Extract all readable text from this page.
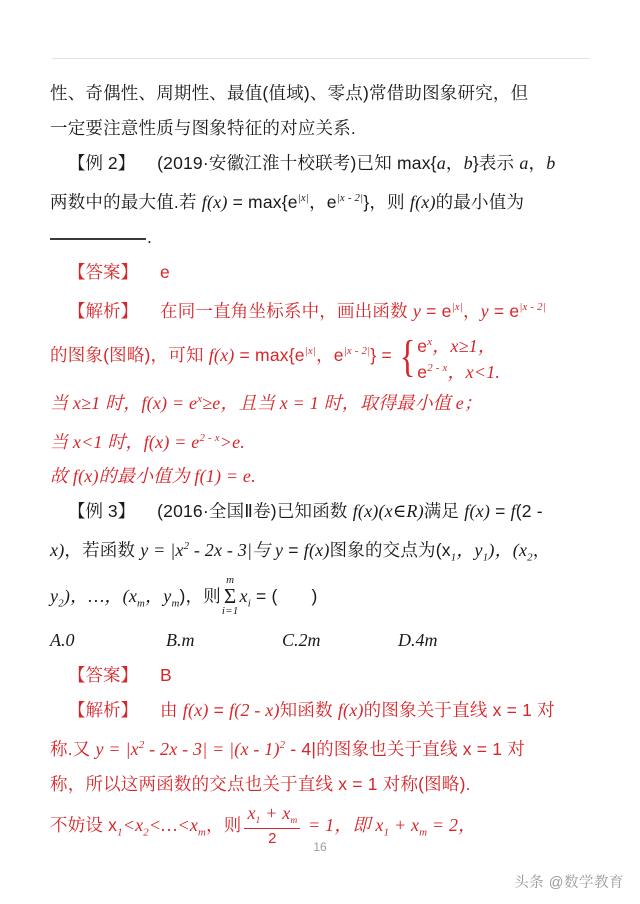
性、奇偶性、周期性、最值(值域)、零点)常借助图象研究，但
一定要注意性质与图象特征的对应关系.
【例 2】 (2019·安徽江淮十校联考)已知 max{a，b}表示 a，b
两数中的最大值.若 $f(x) = \max\{e^{|x|}$，$e^{|x - 2|}$}，则 f(x)的最小值为
.
【答案】 e
【解析】 在同一直角坐标系中，画出函数 $y = e^{|x|}$，$y = e^{|x - 2|}$
的图象(图略)，可知 $f(x) = \max\{e^{|x|}$，$e^{|x - 2|}$} = { $e^x$，x≥1，
$e^{2 - x}$，x<1.
当 x≥1 时，$f(x) = e^x\ge e$，且当 x = 1 时，取得最小值 e；
当 x<1 时，$f(x) = e^{2 - x}>e$.
故 f(x)的最小值为 f(1) = e.
【例 3】 (2016·全国Ⅱ卷)已知函数 f(x)(x∈R)满足 f(x) = f(2 -
x)，若函数 $y = |x^2 - 2x - 3|$与 y = f(x)图象的交点为($x_1$，$y_1$)，($x_2$，
$y_2$)，…，($x_m$，$y_m$)，则
m
Σ
i=1
$x_i$ = ( )
A.0	B.m	C.2m	D.4m
【答案】 B
【解析】 由 f(x) = f(2 - x)知函数 f(x)的图象关于直线 x = 1 对
称.又 $y = |x^2 - 2x - 3| = |(x - 1)^2 - 4|$的图象也关于直线 x = 1 对
称，所以这两函数的交点也关于直线 x = 1 对称(图略).
不妨设 $x_1<x_2<\dots<x_m$，则 $\frac{x_1 + x_m}{2} = 1$，即 $x_1 + x_m = 2$，
16
头条 @数学教育
